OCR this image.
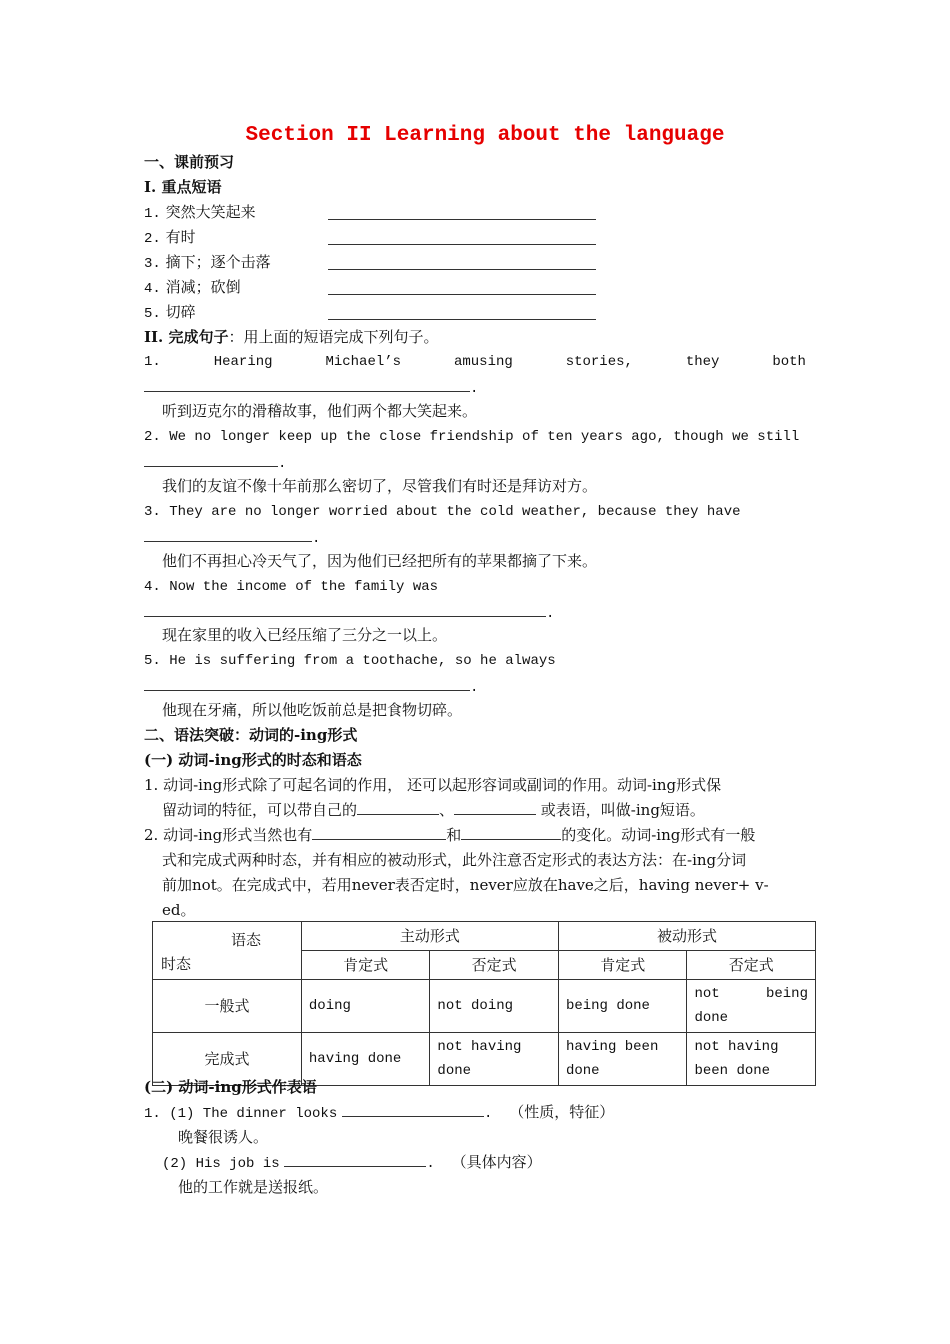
Section II Learning about the language
一、课前预习
I. 重点短语
1. 突然大笑起来
2. 有时
3. 摘下；逐个击落
4. 消减；砍倒
5. 切碎
II. 完成句子：用上面的短语完成下列句子。
1.	Hearing	Michael’s	amusing	stories,	they	both
.
听到迈克尔的滑稽故事，他们两个都大笑起来。
2. We no longer keep up the close friendship of ten years ago, though we still
.
我们的友谊不像十年前那么密切了，尽管我们有时还是拜访对方。
3. They are no longer worried about the cold weather, because they have
.
他们不再担心冷天气了，因为他们已经把所有的苹果都摘了下来。
4. Now the income of the family was
.
现在家里的收入已经压缩了三分之一以上。
5. He is suffering from a toothache, so he always
.
他现在牙痛，所以他吃饭前总是把食物切碎。
二、语法突破：动词的-ing形式
(一) 动词-ing形式的时态和语态
1. 动词-ing形式除了可起名词的作用， 还可以起形容词或副词的作用。动词-ing形式保
留动词的特征，可以带自己的	、	或表语，叫做-ing短语。
2. 动词-ing形式当然也有	和	的变化。动词-ing形式有一般
式和完成式两种时态，并有相应的被动形式，此外注意否定形式的表达方法：在-ing分词
前加not。在完成式中，若用never表否定时，never应放在have之后，having never+ v-
ed。
语态
时态	主动形式		被动形式	
	肯定式	否定式	肯定式	否定式
一般式	doing	not doing	being done	not being done
完成式	having done	not having done	having been done	not having been done
(二) 动词-ing形式作表语
1. (1) The dinner looks	. （性质，特征）
晚餐很诱人。
(2) His job is	. （具体内容）
他的工作就是送报纸。
